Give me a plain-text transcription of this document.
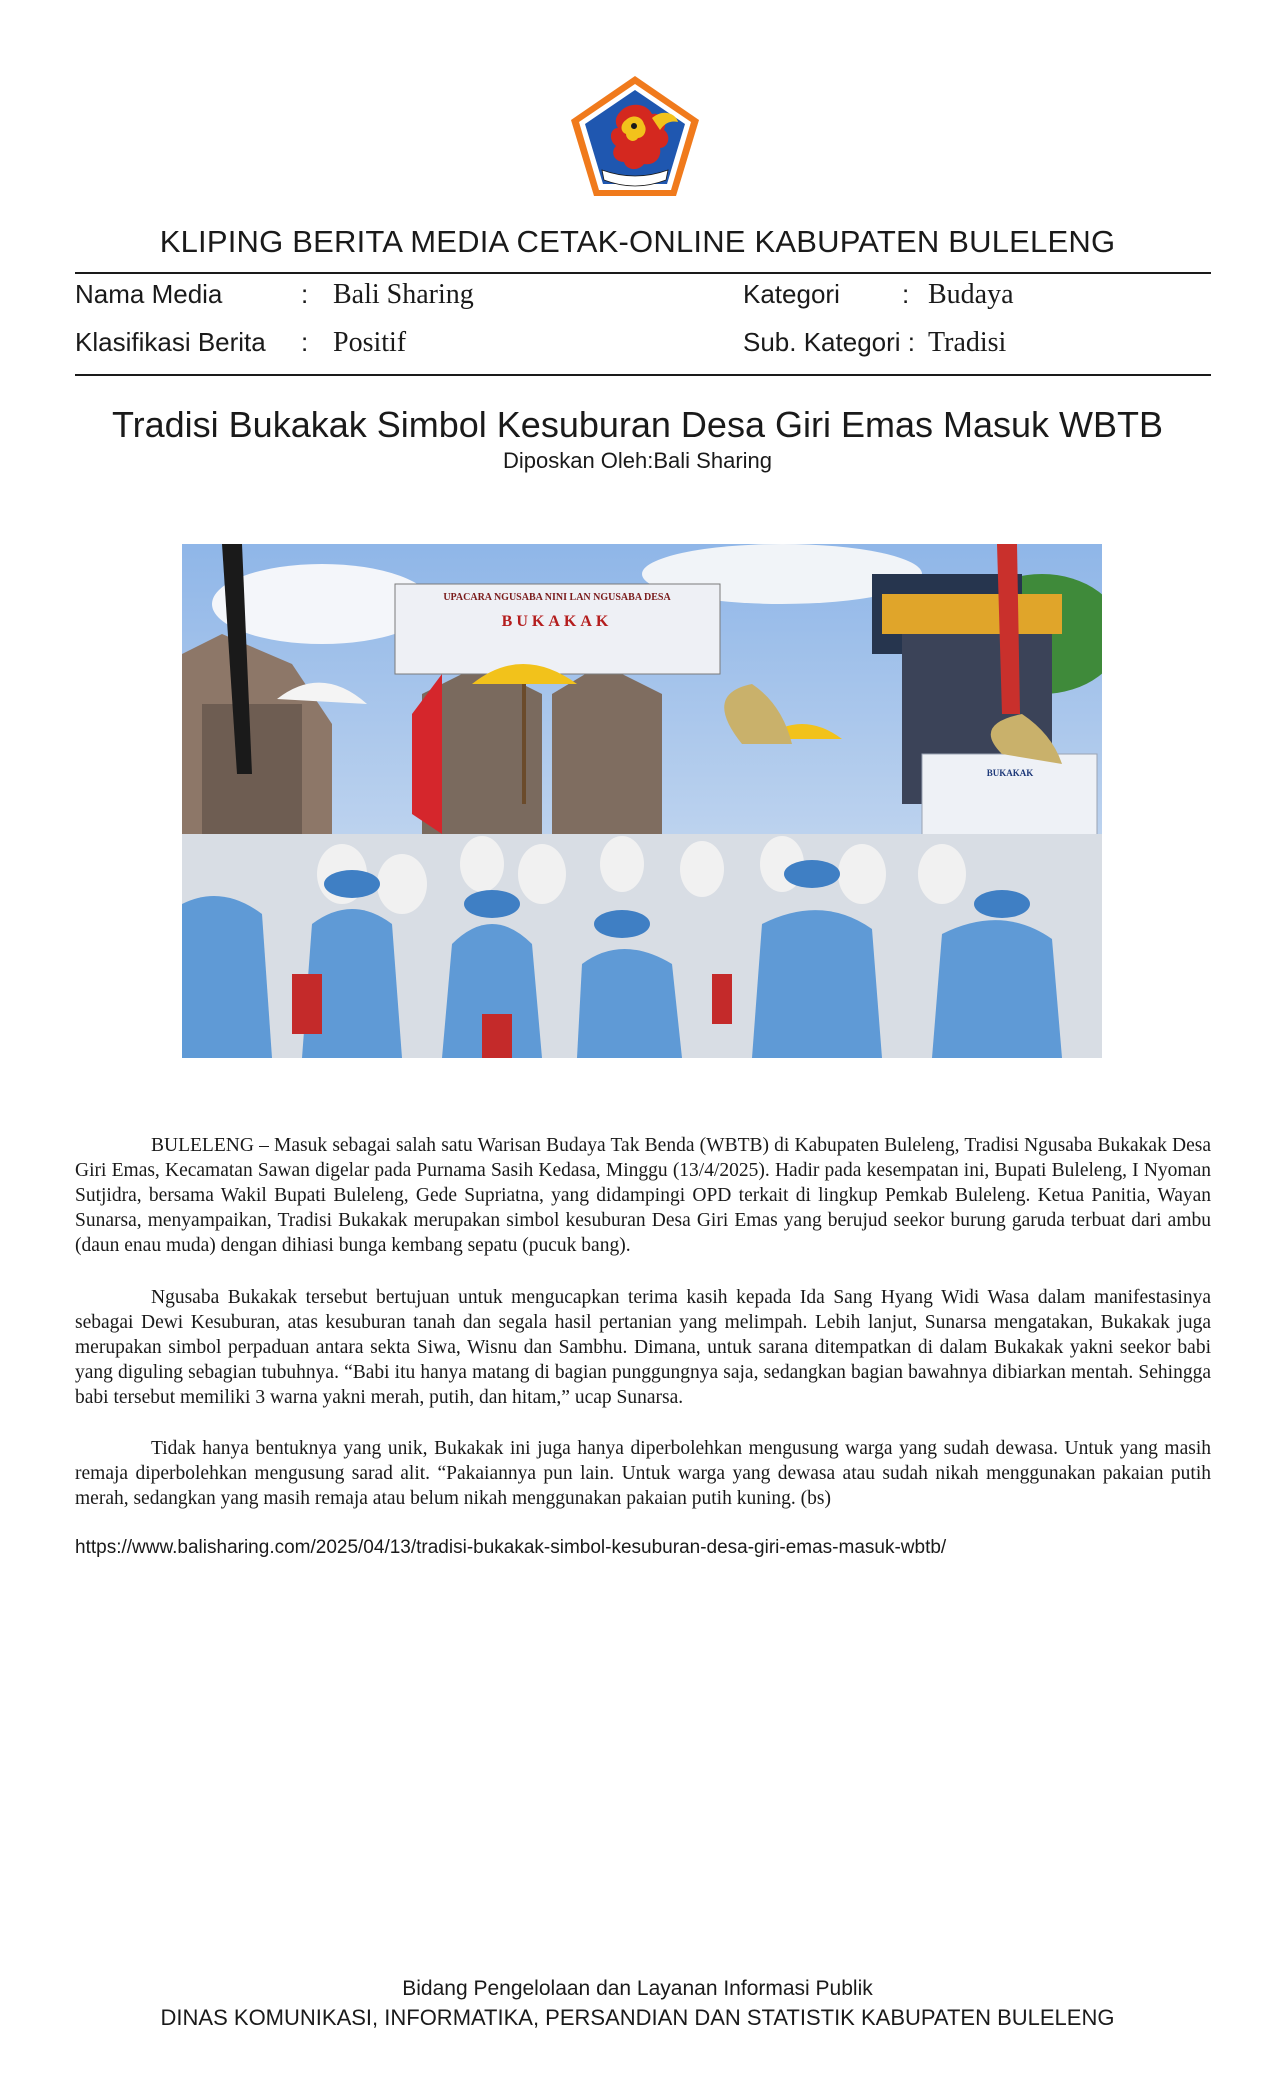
KLIPING BERITA MEDIA CETAK-ONLINE KABUPATEN BULELENG
Nama Media	: Bali Sharing
Klasifikasi Berita : Positif
Kategori : Budaya
Sub. Kategori : Tradisi
Tradisi Bukakak Simbol Kesuburan Desa Giri Emas Masuk WBTB
Diposkan Oleh:Bali Sharing
UPACARA NGUSABA NINI LAN NGUSABA DESA
BUKAKAK
BUKAKAK

BULELENG – Masuk sebagai salah satu Warisan Budaya Tak Benda (WBTB) di Kabupaten Buleleng, Tradisi Ngusaba Bukakak Desa Giri Emas, Kecamatan Sawan digelar pada Purnama Sasih Kedasa, Minggu (13/4/2025). Hadir pada kesempatan ini, Bupati Buleleng, I Nyoman Sutjidra, bersama Wakil Bupati Buleleng, Gede Supriatna, yang didampingi OPD terkait di lingkup Pemkab Buleleng. Ketua Panitia, Wayan Sunarsa, menyampaikan, Tradisi Bukakak merupakan simbol kesuburan Desa Giri Emas yang berujud seekor burung garuda terbuat dari ambu (daun enau muda) dengan dihiasi bunga kembang sepatu (pucuk bang).

Ngusaba Bukakak tersebut bertujuan untuk mengucapkan terima kasih kepada Ida Sang Hyang Widi Wasa dalam manifestasinya sebagai Dewi Kesuburan, atas kesuburan tanah dan segala hasil pertanian yang melimpah. Lebih lanjut, Sunarsa mengatakan, Bukakak juga merupakan simbol perpaduan antara sekta Siwa, Wisnu dan Sambhu. Dimana, untuk sarana ditempatkan di dalam Bukakak yakni seekor babi yang diguling sebagian tubuhnya. “Babi itu hanya matang di bagian punggungnya saja, sedangkan bagian bawahnya dibiarkan mentah. Sehingga babi tersebut memiliki 3 warna yakni merah, putih, dan hitam,” ucap Sunarsa.

Tidak hanya bentuknya yang unik, Bukakak ini juga hanya diperbolehkan mengusung warga yang sudah dewasa. Untuk yang masih remaja diperbolehkan mengusung sarad alit. “Pakaiannya pun lain. Untuk warga yang dewasa atau sudah nikah menggunakan pakaian putih merah, sedangkan yang masih remaja atau belum nikah menggunakan pakaian putih kuning. (bs)

https://www.balisharing.com/2025/04/13/tradisi-bukakak-simbol-kesuburan-desa-giri-emas-masuk-wbtb/
Bidang Pengelolaan dan Layanan Informasi Publik
DINAS KOMUNIKASI, INFORMATIKA, PERSANDIAN DAN STATISTIK KABUPATEN BULELENG
